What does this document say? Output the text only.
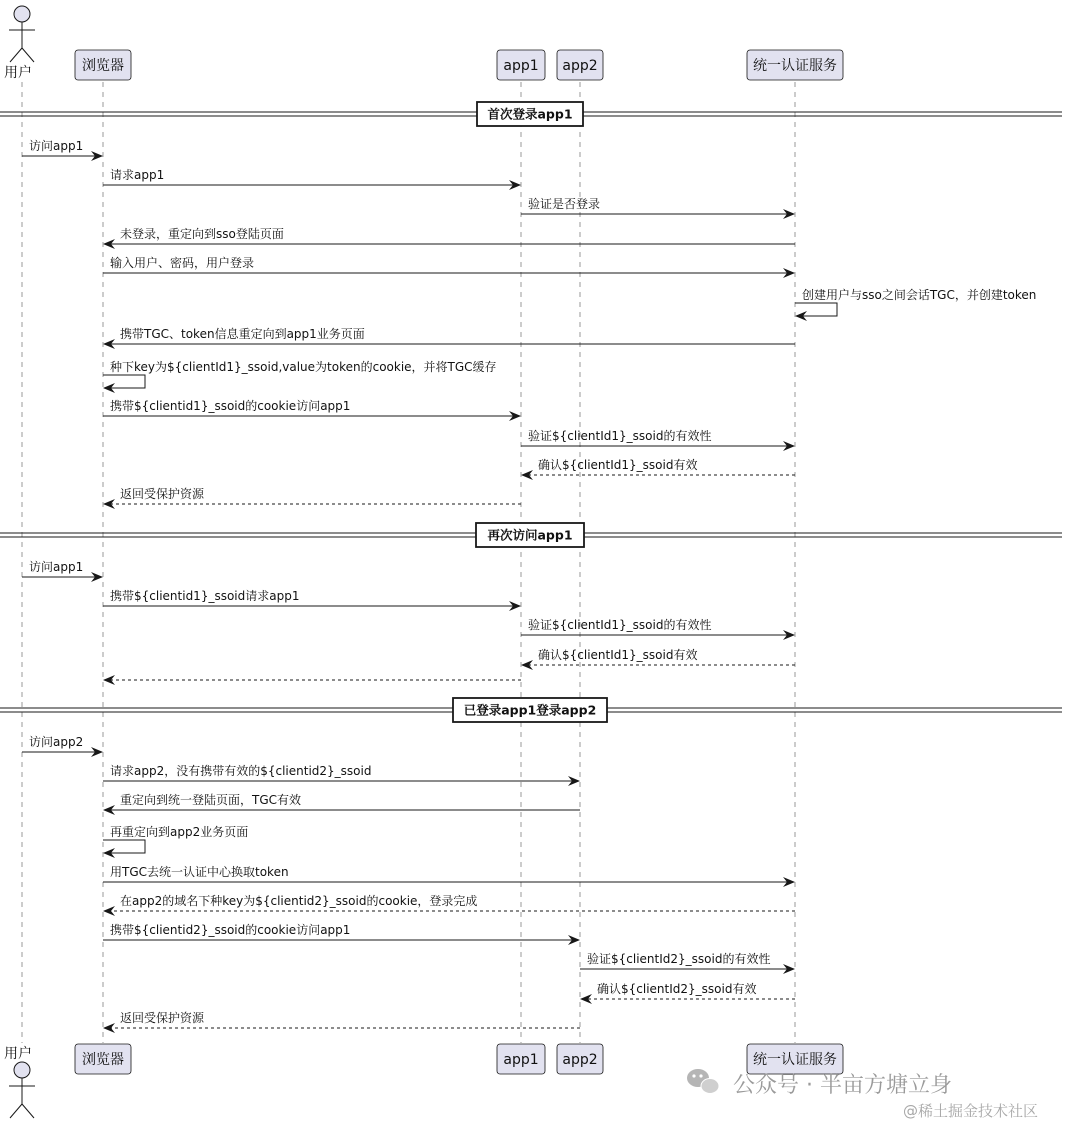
首次登录app1
再次访问app1
已登录app1登录app2
访问app1
请求app1
验证是否登录
未登录，重定向到sso登陆页面
输入用户、密码，用户登录
创建用户与sso之间会话TGC，并创建token
携带TGC、token信息重定向到app1业务页面
种下key为${clientId1}_ssoid,value为token的cookie，并将TGC缓存
携带${clientid1}_ssoid的cookie访问app1
验证${clientId1}_ssoid的有效性
确认${clientId1}_ssoid有效
返回受保护资源
访问app1
携带${clientid1}_ssoid请求app1
验证${clientId1}_ssoid的有效性
确认${clientId1}_ssoid有效
访问app2
请求app2，没有携带有效的${clientid2}_ssoid
重定向到统一登陆页面，TGC有效
再重定向到app2业务页面
用TGC去统一认证中心换取token
在app2的域名下种key为${clientid2}_ssoid的cookie，登录完成
携带${clientid2}_ssoid的cookie访问app1
验证${clientId2}_ssoid的有效性
确认${clientId2}_ssoid有效
返回受保护资源
用户
用户
浏览器
浏览器
app1
app1
app2
app2
统一认证服务
统一认证服务
公众号 · 半亩方塘立身
@稀土掘金技术社区
